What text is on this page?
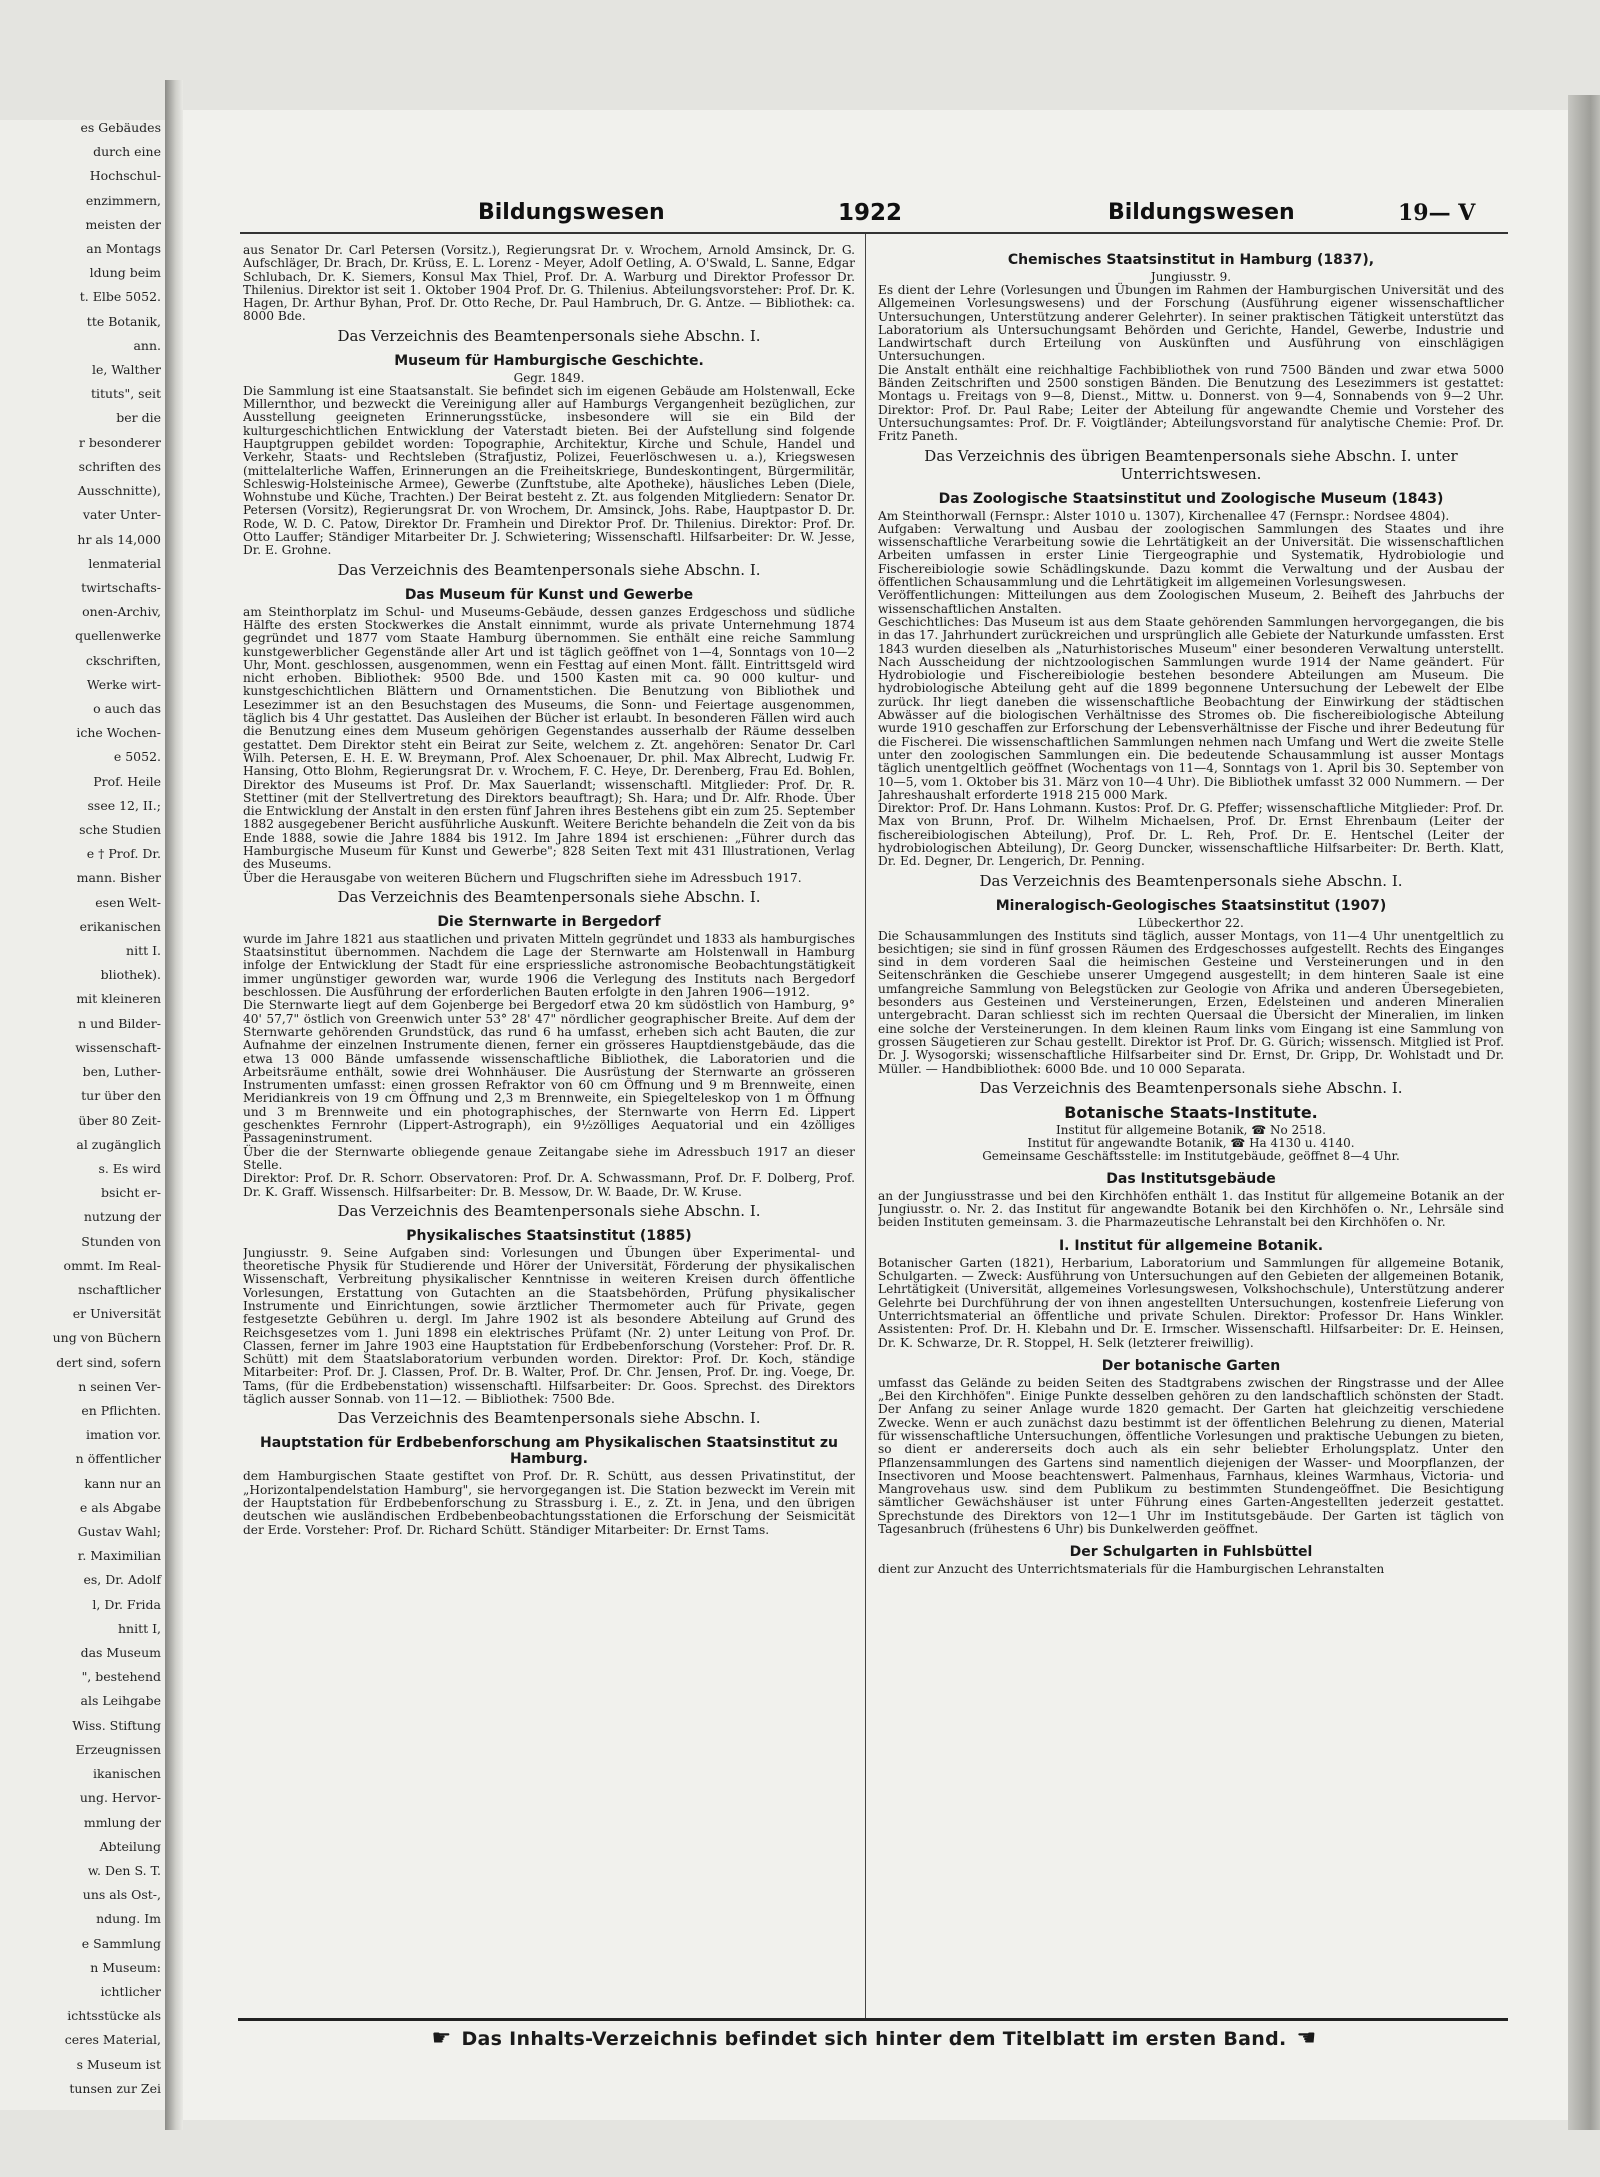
es Gebäudes
durch eine
Hochschul-
enzimmern,
meisten der
an Montags
ldung beim
t. Elbe 5052.
tte Botanik,
ann.
le, Walther
tituts", seit
ber die
r besonderer
schriften des
Ausschnitte),
vater Unter-
hr als 14,000
lenmaterial
twirtschafts-
onen-Archiv,
quellenwerke
ckschriften,
Werke wirt-
o auch das
iche Wochen-
e 5052.
Prof. Heile
ssee 12, II.;
sche Studien
e † Prof. Dr.
mann. Bisher
esen Welt-
erikanischen
nitt I.
bliothek).
mit kleineren
n und Bilder-
wissenschaft-
ben, Luther-
tur über den
über 80 Zeit-
al zugänglich
s. Es wird
bsicht er-
nutzung der
Stunden von
ommt. Im Real-
nschaftlicher
er Universität
ung von Büchern
dert sind, sofern
n seinen Ver-
en Pflichten.
imation vor.
n öffentlicher
kann nur an
e als Abgabe
Gustav Wahl;
r. Maximilian
es, Dr. Adolf
l, Dr. Frida
hnitt I,
das Museum
", bestehend
als Leihgabe
Wiss. Stiftung
Erzeugnissen
ikanischen
ung. Hervor-
mmlung der
Abteilung
w. Den S. T.
uns als Ost-,
ndung. Im
e Sammlung
n Museum:
ichtlicher
ichtsstücke als
ceres Material,
s Museum ist
tunsen zur Zei
Bildungswesen	1922	Bildungswesen	19— V

aus Senator Dr. Carl Petersen (Vorsitz.), Regierungsrat Dr. v. Wrochem, Arnold Amsinck, Dr. G. Aufschläger, Dr. Brach, Dr. Krüss, E. L. Lorenz - Meyer, Adolf Oetling, A. O'Swald, L. Sanne, Edgar Schlubach, Dr. K. Siemers, Konsul Max Thiel, Prof. Dr. A. Warburg und Direktor Professor Dr. Thilenius. Direktor ist seit 1. Oktober 1904 Prof. Dr. G. Thilenius. Abteilungsvorsteher: Prof. Dr. K. Hagen, Dr. Arthur Byhan, Prof. Dr. Otto Reche, Dr. Paul Hambruch, Dr. G. Antze. — Bibliothek: ca. 8000 Bde.

Das Verzeichnis des Beamtenpersonals siehe Abschn. I.

Museum für Hamburgische Geschichte.

Gegr. 1849.

Die Sammlung ist eine Staatsanstalt. Sie befindet sich im eigenen Gebäude am Holstenwall, Ecke Millernthor, und bezweckt die Vereinigung aller auf Hamburgs Vergangenheit bezüglichen, zur Ausstellung geeigneten Erinnerungsstücke, insbesondere will sie ein Bild der kulturgeschichtlichen Entwicklung der Vaterstadt bieten. Bei der Aufstellung sind folgende Hauptgruppen gebildet worden: Topographie, Architektur, Kirche und Schule, Handel und Verkehr, Staats- und Rechtsleben (Strafjustiz, Polizei, Feuerlöschwesen u. a.), Kriegswesen (mittelalterliche Waffen, Erinnerungen an die Freiheitskriege, Bundeskontingent, Bürgermilitär, Schleswig-Holsteinische Armee), Gewerbe (Zunftstube, alte Apotheke), häusliches Leben (Diele, Wohnstube und Küche, Trachten.) Der Beirat besteht z. Zt. aus folgenden Mitgliedern: Senator Dr. Petersen (Vorsitz), Regierungsrat Dr. von Wrochem, Dr. Amsinck, Johs. Rabe, Hauptpastor D. Dr. Rode, W. D. C. Patow, Direktor Dr. Framhein und Direktor Prof. Dr. Thilenius. Direktor: Prof. Dr. Otto Lauffer; Ständiger Mitarbeiter Dr. J. Schwietering; Wissenschaftl. Hilfsarbeiter: Dr. W. Jesse, Dr. E. Grohne.

Das Verzeichnis des Beamtenpersonals siehe Abschn. I.

Das Museum für Kunst und Gewerbe

am Steinthorplatz im Schul- und Museums-Gebäude, dessen ganzes Erdgeschoss und südliche Hälfte des ersten Stockwerkes die Anstalt einnimmt, wurde als private Unternehmung 1874 gegründet und 1877 vom Staate Hamburg übernommen. Sie enthält eine reiche Sammlung kunstgewerblicher Gegenstände aller Art und ist täglich geöffnet von 1—4, Sonntags von 10—2 Uhr, Mont. geschlossen, ausgenommen, wenn ein Festtag auf einen Mont. fällt. Eintrittsgeld wird nicht erhoben. Bibliothek: 9500 Bde. und 1500 Kasten mit ca. 90 000 kultur- und kunstgeschichtlichen Blättern und Ornamentstichen. Die Benutzung von Bibliothek und Lesezimmer ist an den Besuchstagen des Museums, die Sonn- und Feiertage ausgenommen, täglich bis 4 Uhr gestattet. Das Ausleihen der Bücher ist erlaubt. In besonderen Fällen wird auch die Benutzung eines dem Museum gehörigen Gegenstandes ausserhalb der Räume desselben gestattet. Dem Direktor steht ein Beirat zur Seite, welchem z. Zt. angehören: Senator Dr. Carl Wilh. Petersen, E. H. E. W. Breymann, Prof. Alex Schoenauer, Dr. phil. Max Albrecht, Ludwig Fr. Hansing, Otto Blohm, Regierungsrat Dr. v. Wrochem, F. C. Heye, Dr. Derenberg, Frau Ed. Bohlen, Direktor des Museums ist Prof. Dr. Max Sauerlandt; wissenschaftl. Mitglieder: Prof. Dr. R. Stettiner (mit der Stellvertretung des Direktors beauftragt); Sh. Hara; und Dr. Alfr. Rhode. Über die Entwicklung der Anstalt in den ersten fünf Jahren ihres Bestehens gibt ein zum 25. September 1882 ausgegebener Bericht ausführliche Auskunft. Weitere Berichte behandeln die Zeit von da bis Ende 1888, sowie die Jahre 1884 bis 1912. Im Jahre 1894 ist erschienen: „Führer durch das Hamburgische Museum für Kunst und Gewerbe"; 828 Seiten Text mit 431 Illustrationen, Verlag des Museums.

Über die Herausgabe von weiteren Büchern und Flugschriften siehe im Adressbuch 1917.

Das Verzeichnis des Beamtenpersonals siehe Abschn. I.

Die Sternwarte in Bergedorf

wurde im Jahre 1821 aus staatlichen und privaten Mitteln gegründet und 1833 als hamburgisches Staatsinstitut übernommen. Nachdem die Lage der Sternwarte am Holstenwall in Hamburg infolge der Entwicklung der Stadt für eine erspriessliche astronomische Beobachtungstätigkeit immer ungünstiger geworden war, wurde 1906 die Verlegung des Instituts nach Bergedorf beschlossen. Die Ausführung der erforderlichen Bauten erfolgte in den Jahren 1906—1912.

Die Sternwarte liegt auf dem Gojenberge bei Bergedorf etwa 20 km südöstlich von Hamburg, 9° 40' 57,7" östlich von Greenwich unter 53° 28' 47" nördlicher geographischer Breite. Auf dem der Sternwarte gehörenden Grundstück, das rund 6 ha umfasst, erheben sich acht Bauten, die zur Aufnahme der einzelnen Instrumente dienen, ferner ein grösseres Hauptdienstgebäude, das die etwa 13 000 Bände umfassende wissenschaftliche Bibliothek, die Laboratorien und die Arbeitsräume enthält, sowie drei Wohnhäuser. Die Ausrüstung der Sternwarte an grösseren Instrumenten umfasst: einen grossen Refraktor von 60 cm Öffnung und 9 m Brennweite, einen Meridiankreis von 19 cm Öffnung und 2,3 m Brennweite, ein Spiegelteleskop von 1 m Öffnung und 3 m Brennweite und ein photographisches, der Sternwarte von Herrn Ed. Lippert geschenktes Fernrohr (Lippert-Astrograph), ein 9½zölliges Aequatorial und ein 4zölliges Passageninstrument.

Über die der Sternwarte obliegende genaue Zeitangabe siehe im Adressbuch 1917 an dieser Stelle.

Direktor: Prof. Dr. R. Schorr. Observatoren: Prof. Dr. A. Schwassmann, Prof. Dr. F. Dolberg, Prof. Dr. K. Graff. Wissensch. Hilfsarbeiter: Dr. B. Messow, Dr. W. Baade, Dr. W. Kruse.

Das Verzeichnis des Beamtenpersonals siehe Abschn. I.

Physikalisches Staatsinstitut (1885)

Jungiusstr. 9. Seine Aufgaben sind: Vorlesungen und Übungen über Experimental- und theoretische Physik für Studierende und Hörer der Universität, Förderung der physikalischen Wissenschaft, Verbreitung physikalischer Kenntnisse in weiteren Kreisen durch öffentliche Vorlesungen, Erstattung von Gutachten an die Staatsbehörden, Prüfung physikalischer Instrumente und Einrichtungen, sowie ärztlicher Thermometer auch für Private, gegen festgesetzte Gebühren u. dergl. Im Jahre 1902 ist als besondere Abteilung auf Grund des Reichsgesetzes vom 1. Juni 1898 ein elektrisches Prüfamt (Nr. 2) unter Leitung von Prof. Dr. Classen, ferner im Jahre 1903 eine Hauptstation für Erdbebenforschung (Vorsteher: Prof. Dr. R. Schütt) mit dem Staatslaboratorium verbunden worden. Direktor: Prof. Dr. Koch, ständige Mitarbeiter: Prof. Dr. J. Classen, Prof. Dr. B. Walter, Prof. Dr. Chr. Jensen, Prof. Dr. ing. Voege, Dr. Tams, (für die Erdbebenstation) wissenschaftl. Hilfsarbeiter: Dr. Goos. Sprechst. des Direktors täglich ausser Sonnab. von 11—12. — Bibliothek: 7500 Bde.

Das Verzeichnis des Beamtenpersonals siehe Abschn. I.

Hauptstation für Erdbebenforschung am Physikalischen Staatsinstitut zu Hamburg.

dem Hamburgischen Staate gestiftet von Prof. Dr. R. Schütt, aus dessen Privatinstitut, der „Horizontalpendelstation Hamburg", sie hervorgegangen ist. Die Station bezweckt im Verein mit der Hauptstation für Erdbebenforschung zu Strassburg i. E., z. Zt. in Jena, und den übrigen deutschen wie ausländischen Erdbebenbeobachtungsstationen die Erforschung der Seismicität der Erde. Vorsteher: Prof. Dr. Richard Schütt. Ständiger Mitarbeiter: Dr. Ernst Tams.

Chemisches Staatsinstitut in Hamburg (1837),

Jungiusstr. 9.

Es dient der Lehre (Vorlesungen und Übungen im Rahmen der Hamburgischen Universität und des Allgemeinen Vorlesungswesens) und der Forschung (Ausführung eigener wissenschaftlicher Untersuchungen, Unterstützung anderer Gelehrter). In seiner praktischen Tätigkeit unterstützt das Laboratorium als Untersuchungsamt Behörden und Gerichte, Handel, Gewerbe, Industrie und Landwirtschaft durch Erteilung von Auskünften und Ausführung von einschlägigen Untersuchungen.

Die Anstalt enthält eine reichhaltige Fachbibliothek von rund 7500 Bänden und zwar etwa 5000 Bänden Zeitschriften und 2500 sonstigen Bänden. Die Benutzung des Lesezimmers ist gestattet: Montags u. Freitags von 9—8, Dienst., Mittw. u. Donnerst. von 9—4, Sonnabends von 9—2 Uhr. Direktor: Prof. Dr. Paul Rabe; Leiter der Abteilung für angewandte Chemie und Vorsteher des Untersuchungsamtes: Prof. Dr. F. Voigtländer; Abteilungsvorstand für analytische Chemie: Prof. Dr. Fritz Paneth.

Das Verzeichnis des übrigen Beamtenpersonals siehe Abschn. I. unter Unterrichtswesen.

Das Zoologische Staatsinstitut und Zoologische Museum (1843)

Am Steinthorwall (Fernspr.: Alster 1010 u. 1307), Kirchenallee 47 (Fernspr.: Nordsee 4804).

Aufgaben: Verwaltung und Ausbau der zoologischen Sammlungen des Staates und ihre wissenschaftliche Verarbeitung sowie die Lehrtätigkeit an der Universität. Die wissenschaftlichen Arbeiten umfassen in erster Linie Tiergeographie und Systematik, Hydrobiologie und Fischereibiologie sowie Schädlingskunde. Dazu kommt die Verwaltung und der Ausbau der öffentlichen Schausammlung und die Lehrtätigkeit im allgemeinen Vorlesungswesen.

Veröffentlichungen: Mitteilungen aus dem Zoologischen Museum, 2. Beiheft des Jahrbuchs der wissenschaftlichen Anstalten.

Geschichtliches: Das Museum ist aus dem Staate gehörenden Sammlungen hervorgegangen, die bis in das 17. Jahrhundert zurückreichen und ursprünglich alle Gebiete der Naturkunde umfassten. Erst 1843 wurden dieselben als „Naturhistorisches Museum" einer besonderen Verwaltung unterstellt. Nach Ausscheidung der nichtzoologischen Sammlungen wurde 1914 der Name geändert. Für Hydrobiologie und Fischereibiologie bestehen besondere Abteilungen am Museum. Die hydrobiologische Abteilung geht auf die 1899 begonnene Untersuchung der Lebewelt der Elbe zurück. Ihr liegt daneben die wissenschaftliche Beobachtung der Einwirkung der städtischen Abwässer auf die biologischen Verhältnisse des Stromes ob. Die fischereibiologische Abteilung wurde 1910 geschaffen zur Erforschung der Lebensverhältnisse der Fische und ihrer Bedeutung für die Fischerei. Die wissenschaftlichen Sammlungen nehmen nach Umfang und Wert die zweite Stelle unter den zoologischen Sammlungen ein. Die bedeutende Schausammlung ist ausser Montags täglich unentgeltlich geöffnet (Wochentags von 11—4, Sonntags von 1. April bis 30. September von 10—5, vom 1. Oktober bis 31. März von 10—4 Uhr). Die Bibliothek umfasst 32 000 Nummern. — Der Jahreshaushalt erforderte 1918 215 000 Mark.

Direktor: Prof. Dr. Hans Lohmann. Kustos: Prof. Dr. G. Pfeffer; wissenschaftliche Mitglieder: Prof. Dr. Max von Brunn, Prof. Dr. Wilhelm Michaelsen, Prof. Dr. Ernst Ehrenbaum (Leiter der fischereibiologischen Abteilung), Prof. Dr. L. Reh, Prof. Dr. E. Hentschel (Leiter der hydrobiologischen Abteilung), Dr. Georg Duncker, wissenschaftliche Hilfsarbeiter: Dr. Berth. Klatt, Dr. Ed. Degner, Dr. Lengerich, Dr. Penning.

Das Verzeichnis des Beamtenpersonals siehe Abschn. I.

Mineralogisch-Geologisches Staatsinstitut (1907)

Lübeckerthor 22.

Die Schausammlungen des Instituts sind täglich, ausser Montags, von 11—4 Uhr unentgeltlich zu besichtigen; sie sind in fünf grossen Räumen des Erdgeschosses aufgestellt. Rechts des Einganges sind in dem vorderen Saal die heimischen Gesteine und Versteinerungen und in den Seitenschränken die Geschiebe unserer Umgegend ausgestellt; in dem hinteren Saale ist eine umfangreiche Sammlung von Belegstücken zur Geologie von Afrika und anderen Übersegebieten, besonders aus Gesteinen und Versteinerungen, Erzen, Edelsteinen und anderen Mineralien untergebracht. Daran schliesst sich im rechten Quersaal die Übersicht der Mineralien, im linken eine solche der Versteinerungen. In dem kleinen Raum links vom Eingang ist eine Sammlung von grossen Säugetieren zur Schau gestellt. Direktor ist Prof. Dr. G. Gürich; wissensch. Mitglied ist Prof. Dr. J. Wysogorski; wissenschaftliche Hilfsarbeiter sind Dr. Ernst, Dr. Gripp, Dr. Wohlstadt und Dr. Müller. — Handbibliothek: 6000 Bde. und 10 000 Separata.

Das Verzeichnis des Beamtenpersonals siehe Abschn. I.

Botanische Staats-Institute.

Institut für allgemeine Botanik, ☎ No 2518.

Institut für angewandte Botanik, ☎ Ha 4130 u. 4140.

Gemeinsame Geschäftsstelle: im Institutgebäude, geöffnet 8—4 Uhr.

Das Institutsgebäude

an der Jungiusstrasse und bei den Kirchhöfen enthält 1. das Institut für allgemeine Botanik an der Jungiusstr. o. Nr. 2. das Institut für angewandte Botanik bei den Kirchhöfen o. Nr., Lehrsäle sind beiden Instituten gemeinsam. 3. die Pharmazeutische Lehranstalt bei den Kirchhöfen o. Nr.

I. Institut für allgemeine Botanik.

Botanischer Garten (1821), Herbarium, Laboratorium und Sammlungen für allgemeine Botanik, Schulgarten. — Zweck: Ausführung von Untersuchungen auf den Gebieten der allgemeinen Botanik, Lehrtätigkeit (Universität, allgemeines Vorlesungswesen, Volkshochschule), Unterstützung anderer Gelehrte bei Durchführung der von ihnen angestellten Untersuchungen, kostenfreie Lieferung von Unterrichtsmaterial an öffentliche und private Schulen. Direktor: Professor Dr. Hans Winkler. Assistenten: Prof. Dr. H. Klebahn und Dr. E. Irmscher. Wissenschaftl. Hilfsarbeiter: Dr. E. Heinsen, Dr. K. Schwarze, Dr. R. Stoppel, H. Selk (letzterer freiwillig).

Der botanische Garten

umfasst das Gelände zu beiden Seiten des Stadtgrabens zwischen der Ringstrasse und der Allee „Bei den Kirchhöfen". Einige Punkte desselben gehören zu den landschaftlich schönsten der Stadt. Der Anfang zu seiner Anlage wurde 1820 gemacht. Der Garten hat gleichzeitig verschiedene Zwecke. Wenn er auch zunächst dazu bestimmt ist der öffentlichen Belehrung zu dienen, Material für wissenschaftliche Untersuchungen, öffentliche Vorlesungen und praktische Uebungen zu bieten, so dient er andererseits doch auch als ein sehr beliebter Erholungsplatz. Unter den Pflanzensammlungen des Gartens sind namentlich diejenigen der Wasser- und Moorpflanzen, der Insectivoren und Moose beachtenswert. Palmenhaus, Farnhaus, kleines Warmhaus, Victoria- und Mangrovehaus usw. sind dem Publikum zu bestimmten Stundengeöffnet. Die Besichtigung sämtlicher Gewächshäuser ist unter Führung eines Garten-Angestellten jederzeit gestattet. Sprechstunde des Direktors von 12—1 Uhr im Institutsgebäude. Der Garten ist täglich von Tagesanbruch (frühestens 6 Uhr) bis Dunkelwerden geöffnet.

Der Schulgarten in Fuhlsbüttel

dient zur Anzucht des Unterrichtsmaterials für die Hamburgischen Lehranstalten

☛ Das Inhalts-Verzeichnis befindet sich hinter dem Titelblatt im ersten Band. ☚
